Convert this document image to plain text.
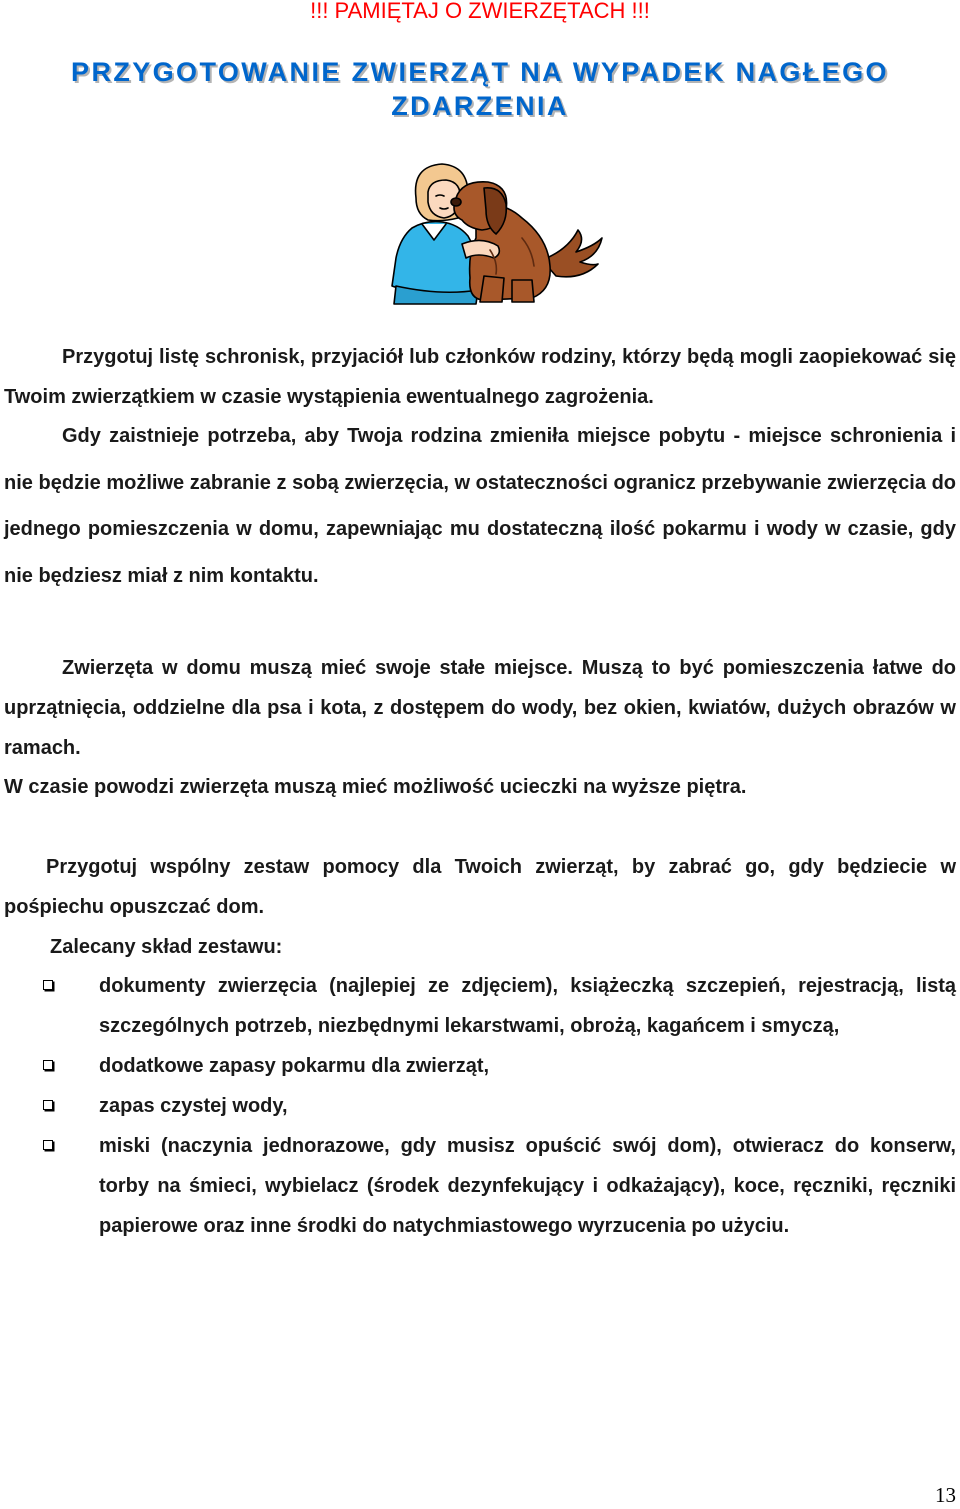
!!! PAMIĘTAJ O ZWIERZĘTACH !!!
PRZYGOTOWANIE ZWIERZĄT NA WYPADEK NAGŁEGO ZDARZENIA
Przygotuj listę schronisk, przyjaciół lub członków rodziny, którzy będą mogli zaopiekować się Twoim zwierzątkiem w czasie wystąpienia ewentualnego zagrożenia.
Gdy zaistnieje potrzeba, aby Twoja rodzina zmieniła miejsce pobytu - miejsce schronienia i nie będzie możliwe zabranie z sobą zwierzęcia, w ostateczności ogranicz przebywanie zwierzęcia do jednego pomieszczenia w domu, zapewniając mu dostateczną ilość pokarmu i wody w czasie, gdy nie będziesz miał z nim kontaktu.
Zwierzęta w domu muszą mieć swoje stałe miejsce. Muszą to być pomieszczenia łatwe do uprzątnięcia, oddzielne dla psa i kota, z dostępem do wody, bez okien, kwiatów, dużych obrazów w ramach.
W czasie powodzi zwierzęta muszą mieć możliwość ucieczki na wyższe piętra.
Przygotuj wspólny zestaw pomocy dla Twoich zwierząt, by zabrać go, gdy będziecie w pośpiechu opuszczać dom.
Zalecany skład zestawu:
dokumenty zwierzęcia (najlepiej ze zdjęciem), książeczką szczepień, rejestracją, listą szczególnych potrzeb, niezbędnymi lekarstwami, obrożą, kagańcem i smyczą,
dodatkowe zapasy pokarmu dla zwierząt,
zapas czystej wody,
miski (naczynia jednorazowe, gdy musisz opuścić swój dom), otwieracz do konserw, torby na śmieci, wybielacz (środek dezynfekujący i odkażający), koce, ręczniki, ręczniki papierowe oraz inne środki do natychmiastowego wyrzucenia po użyciu.
13
